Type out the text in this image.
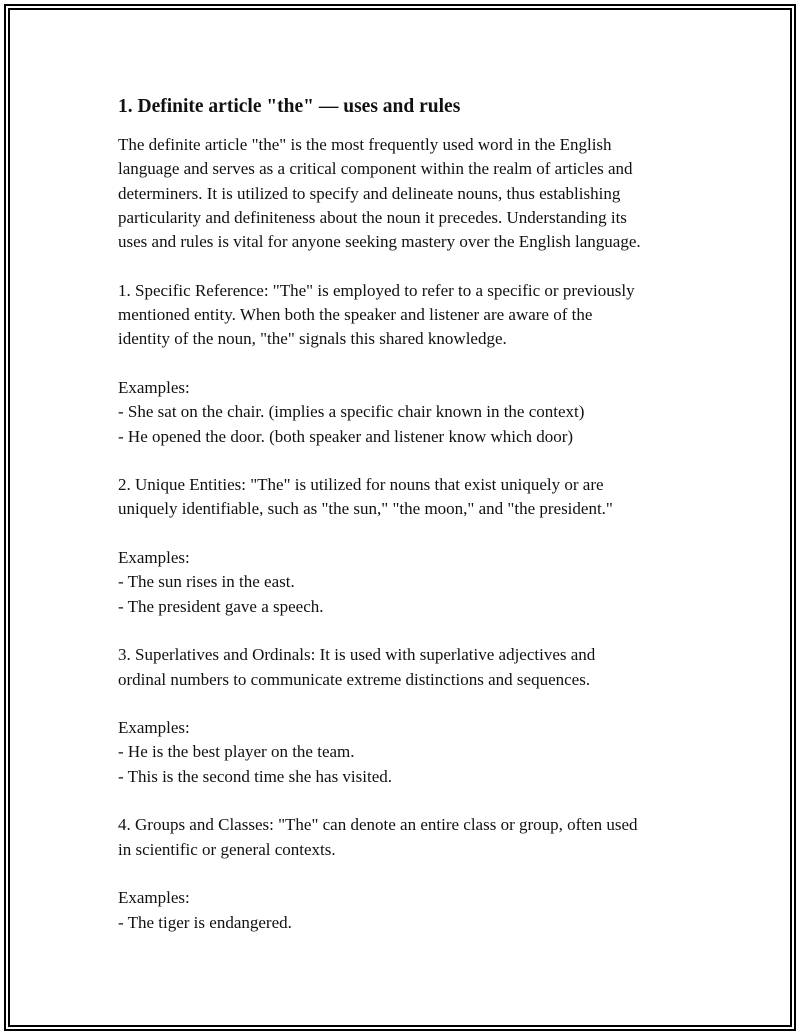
1. Definite article "the" — uses and rules

The definite article "the" is the most frequently used word in the English
language and serves as a critical component within the realm of articles and
determiners. It is utilized to specify and delineate nouns, thus establishing
particularity and definiteness about the noun it precedes. Understanding its
uses and rules is vital for anyone seeking mastery over the English language.

1. Specific Reference: "The" is employed to refer to a specific or previously
mentioned entity. When both the speaker and listener are aware of the
identity of the noun, "the" signals this shared knowledge.

Examples:
- She sat on the chair. (implies a specific chair known in the context)
- He opened the door. (both speaker and listener know which door)

2. Unique Entities: "The" is utilized for nouns that exist uniquely or are
uniquely identifiable, such as "the sun," "the moon," and "the president."

Examples:
- The sun rises in the east.
- The president gave a speech.

3. Superlatives and Ordinals: It is used with superlative adjectives and
ordinal numbers to communicate extreme distinctions and sequences.

Examples:
- He is the best player on the team.
- This is the second time she has visited.

4. Groups and Classes: "The" can denote an entire class or group, often used
in scientific or general contexts.

Examples:
- The tiger is endangered.
